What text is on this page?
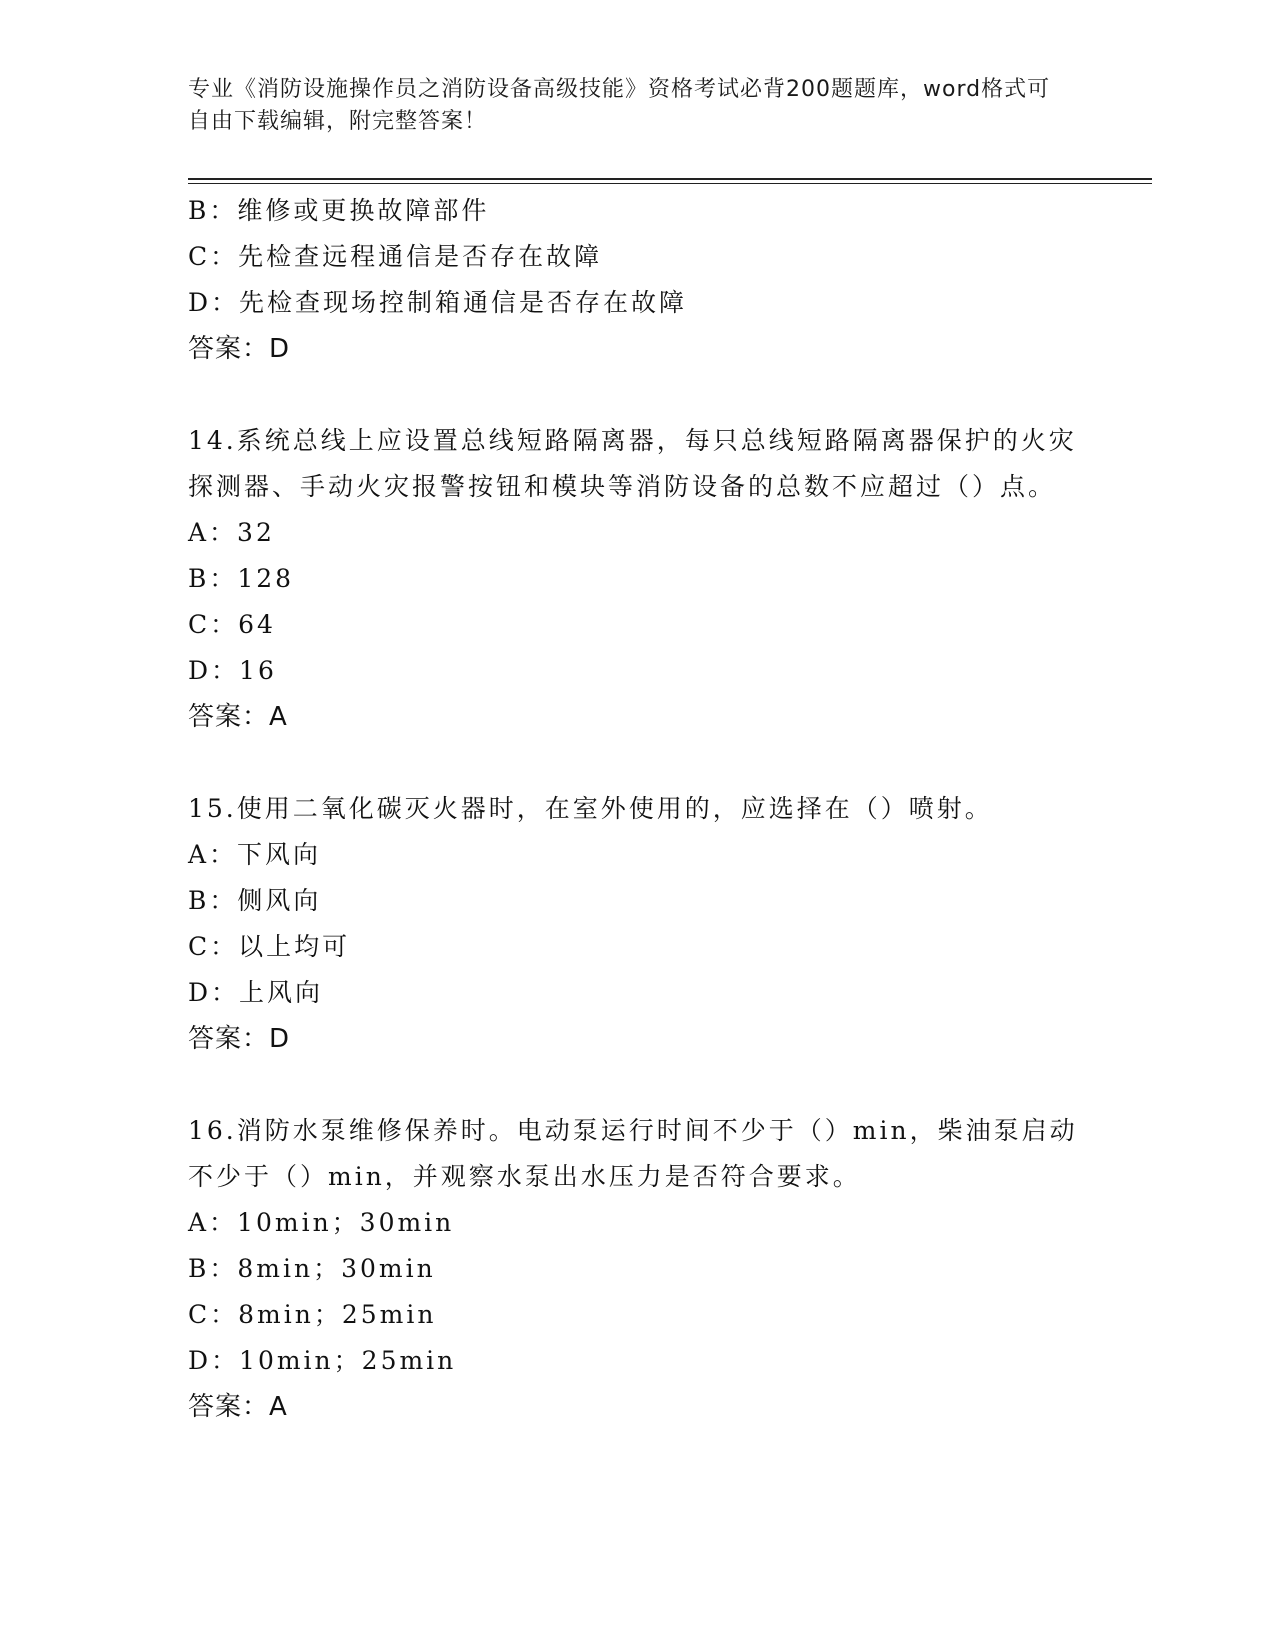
专业《消防设施操作员之消防设备高级技能》资格考试必背200题题库，word格式可自由下载编辑，附完整答案！
B：维修或更换故障部件
C：先检查远程通信是否存在故障
D：先检查现场控制箱通信是否存在故障
答案：D
14.系统总线上应设置总线短路隔离器，每只总线短路隔离器保护的火灾探测器、手动火灾报警按钮和模块等消防设备的总数不应超过（）点。
A：32
B：128
C：64
D：16
答案：A
15.使用二氧化碳灭火器时，在室外使用的，应选择在（）喷射。
A：下风向
B：侧风向
C：以上均可
D：上风向
答案：D
16.消防水泵维修保养时。电动泵运行时间不少于（）min，柴油泵启动不少于（）min，并观察水泵出水压力是否符合要求。
A：10min；30min
B：8min；30min
C：8min；25min
D：10min；25min
答案：A
